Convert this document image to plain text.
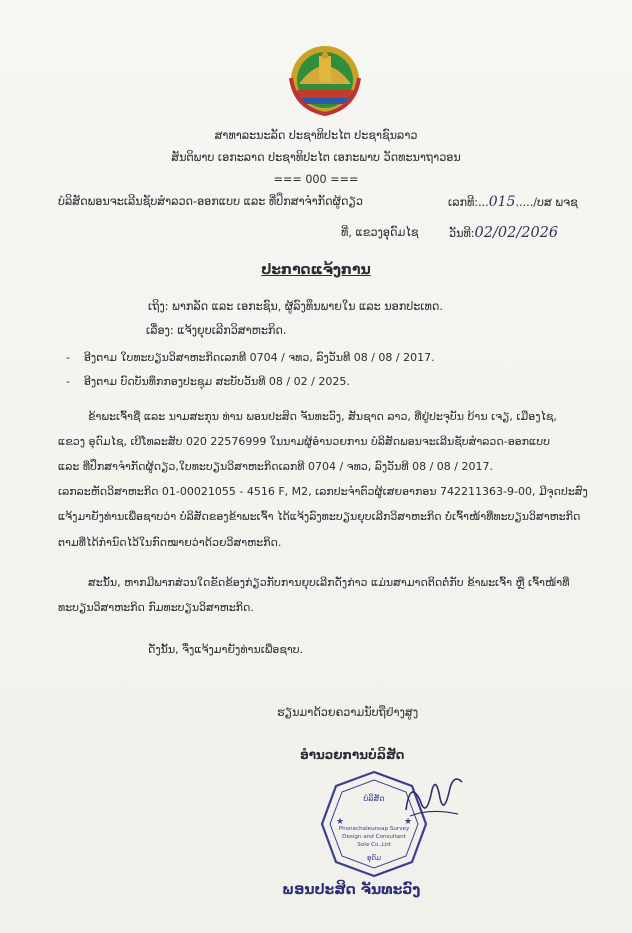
ສາທາລະນະລັດ ປະຊາທິປະໄຕ ປະຊາຊົນລາວ
ສັນຕິພາບ ເອກະລາດ ປະຊາທິປະໄຕ ເອກະພາບ ວັດທະນາຖາວອນ
=== 000 ===
ບໍລິສັດພອນຈະເລີນຊັບສໍາລວດ-ອອກແບບ ແລະ ທີ່ປຶກສາຈໍາກັດຜູ້ດຽວ	ເລກທີ:...015...../ບສ ພຈຊ
ທີ່, ແຂວງອຸດົມໄຊ	ວັນທີ:02/02/2026
ປະກາດແຈ້ງການ
ເຖິງ: ພາກລັດ ແລະ ເອກະຊົນ, ຜູ້ລົງທຶນພາຍໃນ ແລະ ນອກປະເທດ.
ເລື່ອງ: ແຈ້ງຍຸບເລີກວິສາຫະກິດ.
-    ອີງຕາມ ໃບທະບຽນວິສາຫະກິດເລກທີ 0704 / ຈທວ, ລົງວັນທີ 08 / 08 / 2017.
-    ອີງຕາມ ບົດບັນທຶກກອງປະຊຸມ ສະບັບວັນທີ 08 / 02 / 2025.
ຂ້າພະເຈົ້າຊື່ ແລະ ນາມສະກຸນ ທ່ານ ພອນປະສິດ ຈັນທະວົງ, ສັນຊາດ ລາວ, ທີ່ຢູ່ປະຈຸບັນ ບ້ານ ເຈຽ, ເມືອງໄຊ,
ແຂວງ ອຸດົມໄຊ, ເບີໂທລະສັບ 020 22576999 ໃນນາມຜູ້ອໍານວຍການ ບໍລິສັດພອນຈະເລີນຊັບສໍາລວດ-ອອກແບບ
ແລະ ທີ່ປຶກສາຈໍາກັດຜູ້ດຽວ,ໃບທະບຽນວິສາຫະກິດເລກທີ 0704 / ຈທວ, ລົງວັນທີ 08 / 08 / 2017.
ເລກລະຫັດວິສາຫະກິດ 01-00021055 - 4516 F, M2, ເລກປະຈໍາຕົວຜູ້ເສຍອາກອນ 742211363-9-00, ມີຈຸດປະສົງ
ແຈ້ງມາຍັງທ່ານເພື່ອຊາບວ່າ ບໍລິສັດຂອງຂ້າພະເຈົ້າ ໄດ້ແຈ້ງລົງທະບຽນຍຸບເລີກວິສາຫະກິດ ບໍ່ເຈົ້າໜ້າທີ່ທະບຽນວິສາຫະກິດ
ຕາມທີ່ໄດ້ກໍານົດໄວ້ໃນກົດໝາຍວ່າດ້ວຍວິສາຫະກິດ.
ສະນັ້ນ, ຫາກມີພາກສ່ວນໃດຂັດຂ້ອງກ່ຽວກັບການຍຸບເລີກດັ່ງກ່າວ ແມ່ນສາມາດຕິດຕໍ່ກັບ ຂ້າພະເຈົ້າ ຫຼື ເຈົ້າໜ້າທີ່
ທະບຽນວິສາຫະກິດ ກົມທະບຽນວິສາຫະກິດ.
ດັ່ງນັ້ນ, ຈຶ່ງແຈ້ງມາຍັງທ່ານເພື່ອຊາບ.
ຮຽນມາດ້ວຍຄວາມນັບຖືຢ່າງສູງ
ອໍານວຍການບໍລິສັດ
ບໍລິສັດ
Phonechaleunsap Survey
Design and Consultant
Sole Co.,Ltd
ອຸດົມ
★	★
ພອນປະສິດ ຈັນທະວົງ
